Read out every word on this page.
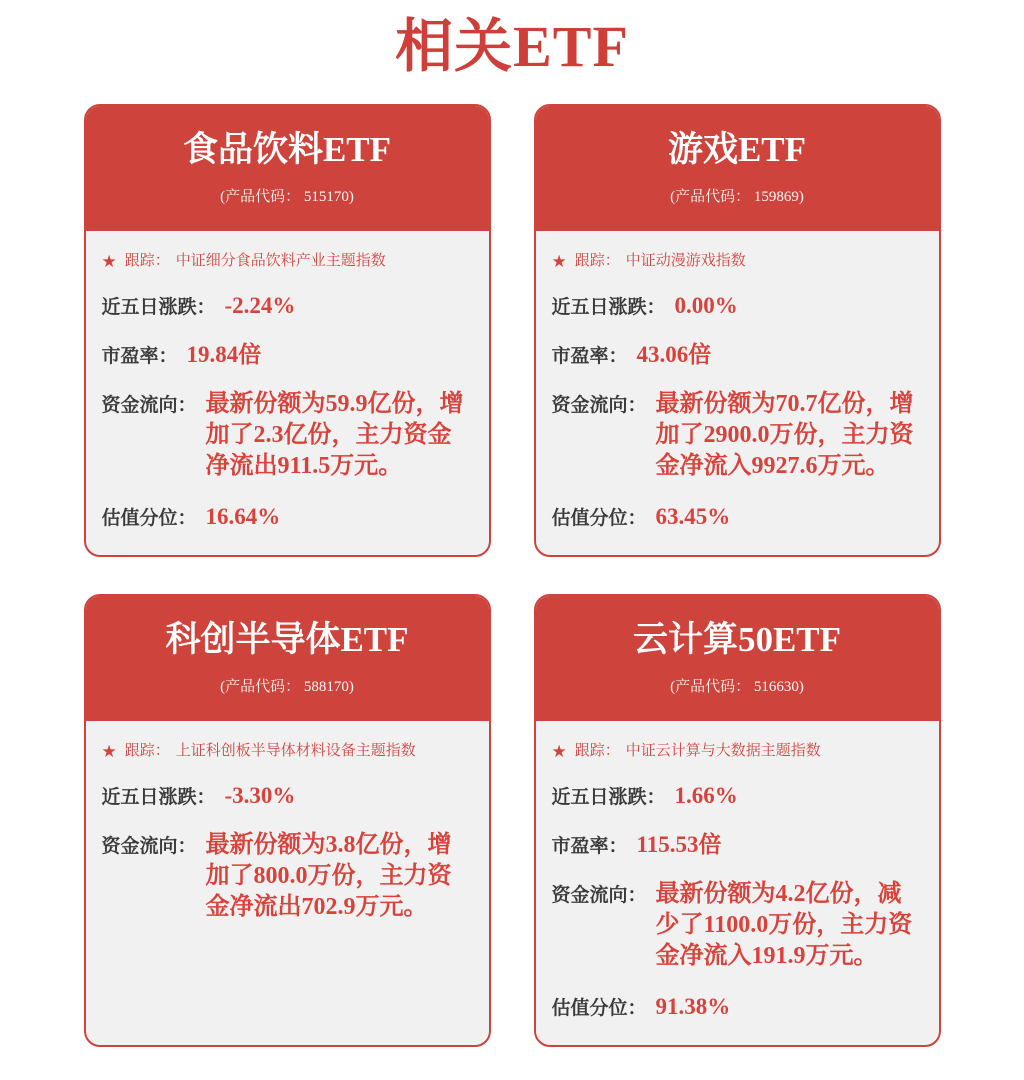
相关ETF
食品饮料ETF
(产品代码： 515170)
★ 跟踪： 中证细分食品饮料产业主题指数
近五日涨跌： -2.24%
市盈率： 19.84倍
资金流向： 最新份额为59.9亿份，增加了2.3亿份，主力资金净流出911.5万元。
估值分位： 16.64%
游戏ETF
(产品代码： 159869)
★ 跟踪： 中证动漫游戏指数
近五日涨跌： 0.00%
市盈率： 43.06倍
资金流向： 最新份额为70.7亿份，增加了2900.0万份，主力资金净流入9927.6万元。
估值分位： 63.45%
科创半导体ETF
(产品代码： 588170)
★ 跟踪： 上证科创板半导体材料设备主题指数
近五日涨跌： -3.30%
资金流向： 最新份额为3.8亿份，增加了800.0万份，主力资金净流出702.9万元。
云计算50ETF
(产品代码： 516630)
★ 跟踪： 中证云计算与大数据主题指数
近五日涨跌： 1.66%
市盈率： 115.53倍
资金流向： 最新份额为4.2亿份，减少了1100.0万份，主力资金净流入191.9万元。
估值分位： 91.38%
